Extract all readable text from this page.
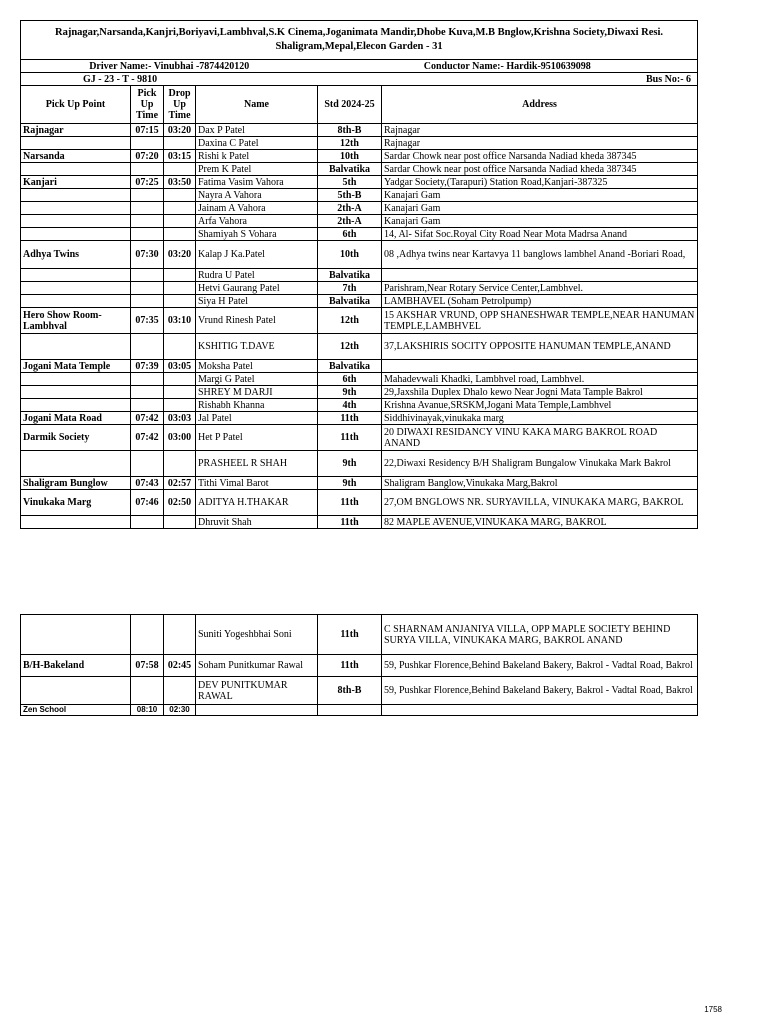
Rajnagar,Narsanda,Kanjri,Boriyavi,Lambhval,S.K Cinema,Joganimata Mandir,Dhobe Kuva,M.B Bnglow,Krishna Society,Diwaxi Resi.
Shaligram,Mepal,Elecon Garden - 31					

Driver Name:- Vinubhai -7874420120				Conductor Name:- Hardik-9510639098	
GJ - 23 - T - 9810				Bus No:- 6	
Pick Up Point	Pick Up Time	Drop Up Time	Name	Std 2024-25	Address
Rajnagar	07:15	03:20	Dax P Patel	8th-B	Rajnagar
			Daxina C Patel	12th	Rajnagar
Narsanda	07:20	03:15	Rishi k Patel	10th	Sardar Chowk near post office Narsanda Nadiad kheda 387345
			Prem K Patel	Balvatika	Sardar Chowk near post office Narsanda Nadiad kheda 387345
Kanjari	07:25	03:50	Fatima Vasim Vahora	5th	Yadgar Society,(Tarapuri) Station Road,Kanjari-387325
			Nayra A Vahora	5th-B	Kanajari Gam
			Jainam A Vahora	2th-A	Kanajari Gam
			Arfa Vahora	2th-A	Kanajari Gam
			Shamiyah S Vohara	6th	14, Al- Sifat Soc.Royal City Road Near Mota Madrsa Anand
Adhya Twins	07:30	03:20	Kalap J Ka.Patel	10th	08 ,Adhya twins near Kartavya 11 banglows lambhel Anand -Boriari Road,
			Rudra U Patel	Balvatika	
			Hetvi Gaurang Patel	7th	Parishram,Near Rotary Service Center,Lambhvel.
			Siya H Patel	Balvatika	LAMBHAVEL (Soham Petrolpump)
Hero Show Room-Lambhval	07:35	03:10	Vrund Rinesh Patel	12th	15 AKSHAR VRUND, OPP SHANESHWAR TEMPLE,NEAR HANUMAN TEMPLE,LAMBHVEL
			KSHITIG T.DAVE	12th	37,LAKSHIRIS SOCITY OPPOSITE HANUMAN TEMPLE,ANAND
Jogani Mata Temple	07:39	03:05	Moksha Patel	Balvatika	
			Margi G Patel	6th	Mahadevwali Khadki, Lambhvel road, Lambhvel.
			SHREY M DARJI	9th	29,Jaxshila Duplex Dhalo kewo Near Jogni Mata Tample Bakrol
			Rishabh Khanna	4th	Krishna Avanue,SRSKM,Jogani Mata Temple,Lambhvel
Jogani Mata Road	07:42	03:03	Jal Patel	11th	Siddhivinayak,vinukaka marg
Darmik Society	07:42	03:00	Het P Patel	11th	20 DIWAXI RESIDANCY VINU KAKA MARG BAKROL ROAD ANAND
			PRASHEEL R SHAH	9th	22,Diwaxi Residency B/H Shaligram Bungalow Vinukaka Mark Bakrol
Shaligram Bunglow	07:43	02:57	Tithi Vimal Barot	9th	Shaligram Banglow,Vinukaka Marg,Bakrol
Vinukaka Marg	07:46	02:50	ADITYA H.THAKAR	11th	27,OM BNGLOWS NR. SURYAVILLA, VINUKAKA MARG, BAKROL
			Dhruvit Shah	11th	82 MAPLE AVENUE,VINUKAKA MARG, BAKROL
			Suniti Yogeshbhai Soni	11th	C SHARNAM ANJANIYA VILLA, OPP MAPLE SOCIETY BEHIND SURYA VILLA, VINUKAKA MARG, BAKROL ANAND
B/H-Bakeland	07:58	02:45	Soham Punitkumar Rawal	11th	59, Pushkar Florence,Behind Bakeland Bakery, Bakrol - Vadtal Road, Bakrol
			DEV PUNITKUMAR RAWAL	8th-B	59, Pushkar Florence,Behind Bakeland Bakery, Bakrol - Vadtal Road, Bakrol
Zen School	08:10	02:30			
1758
